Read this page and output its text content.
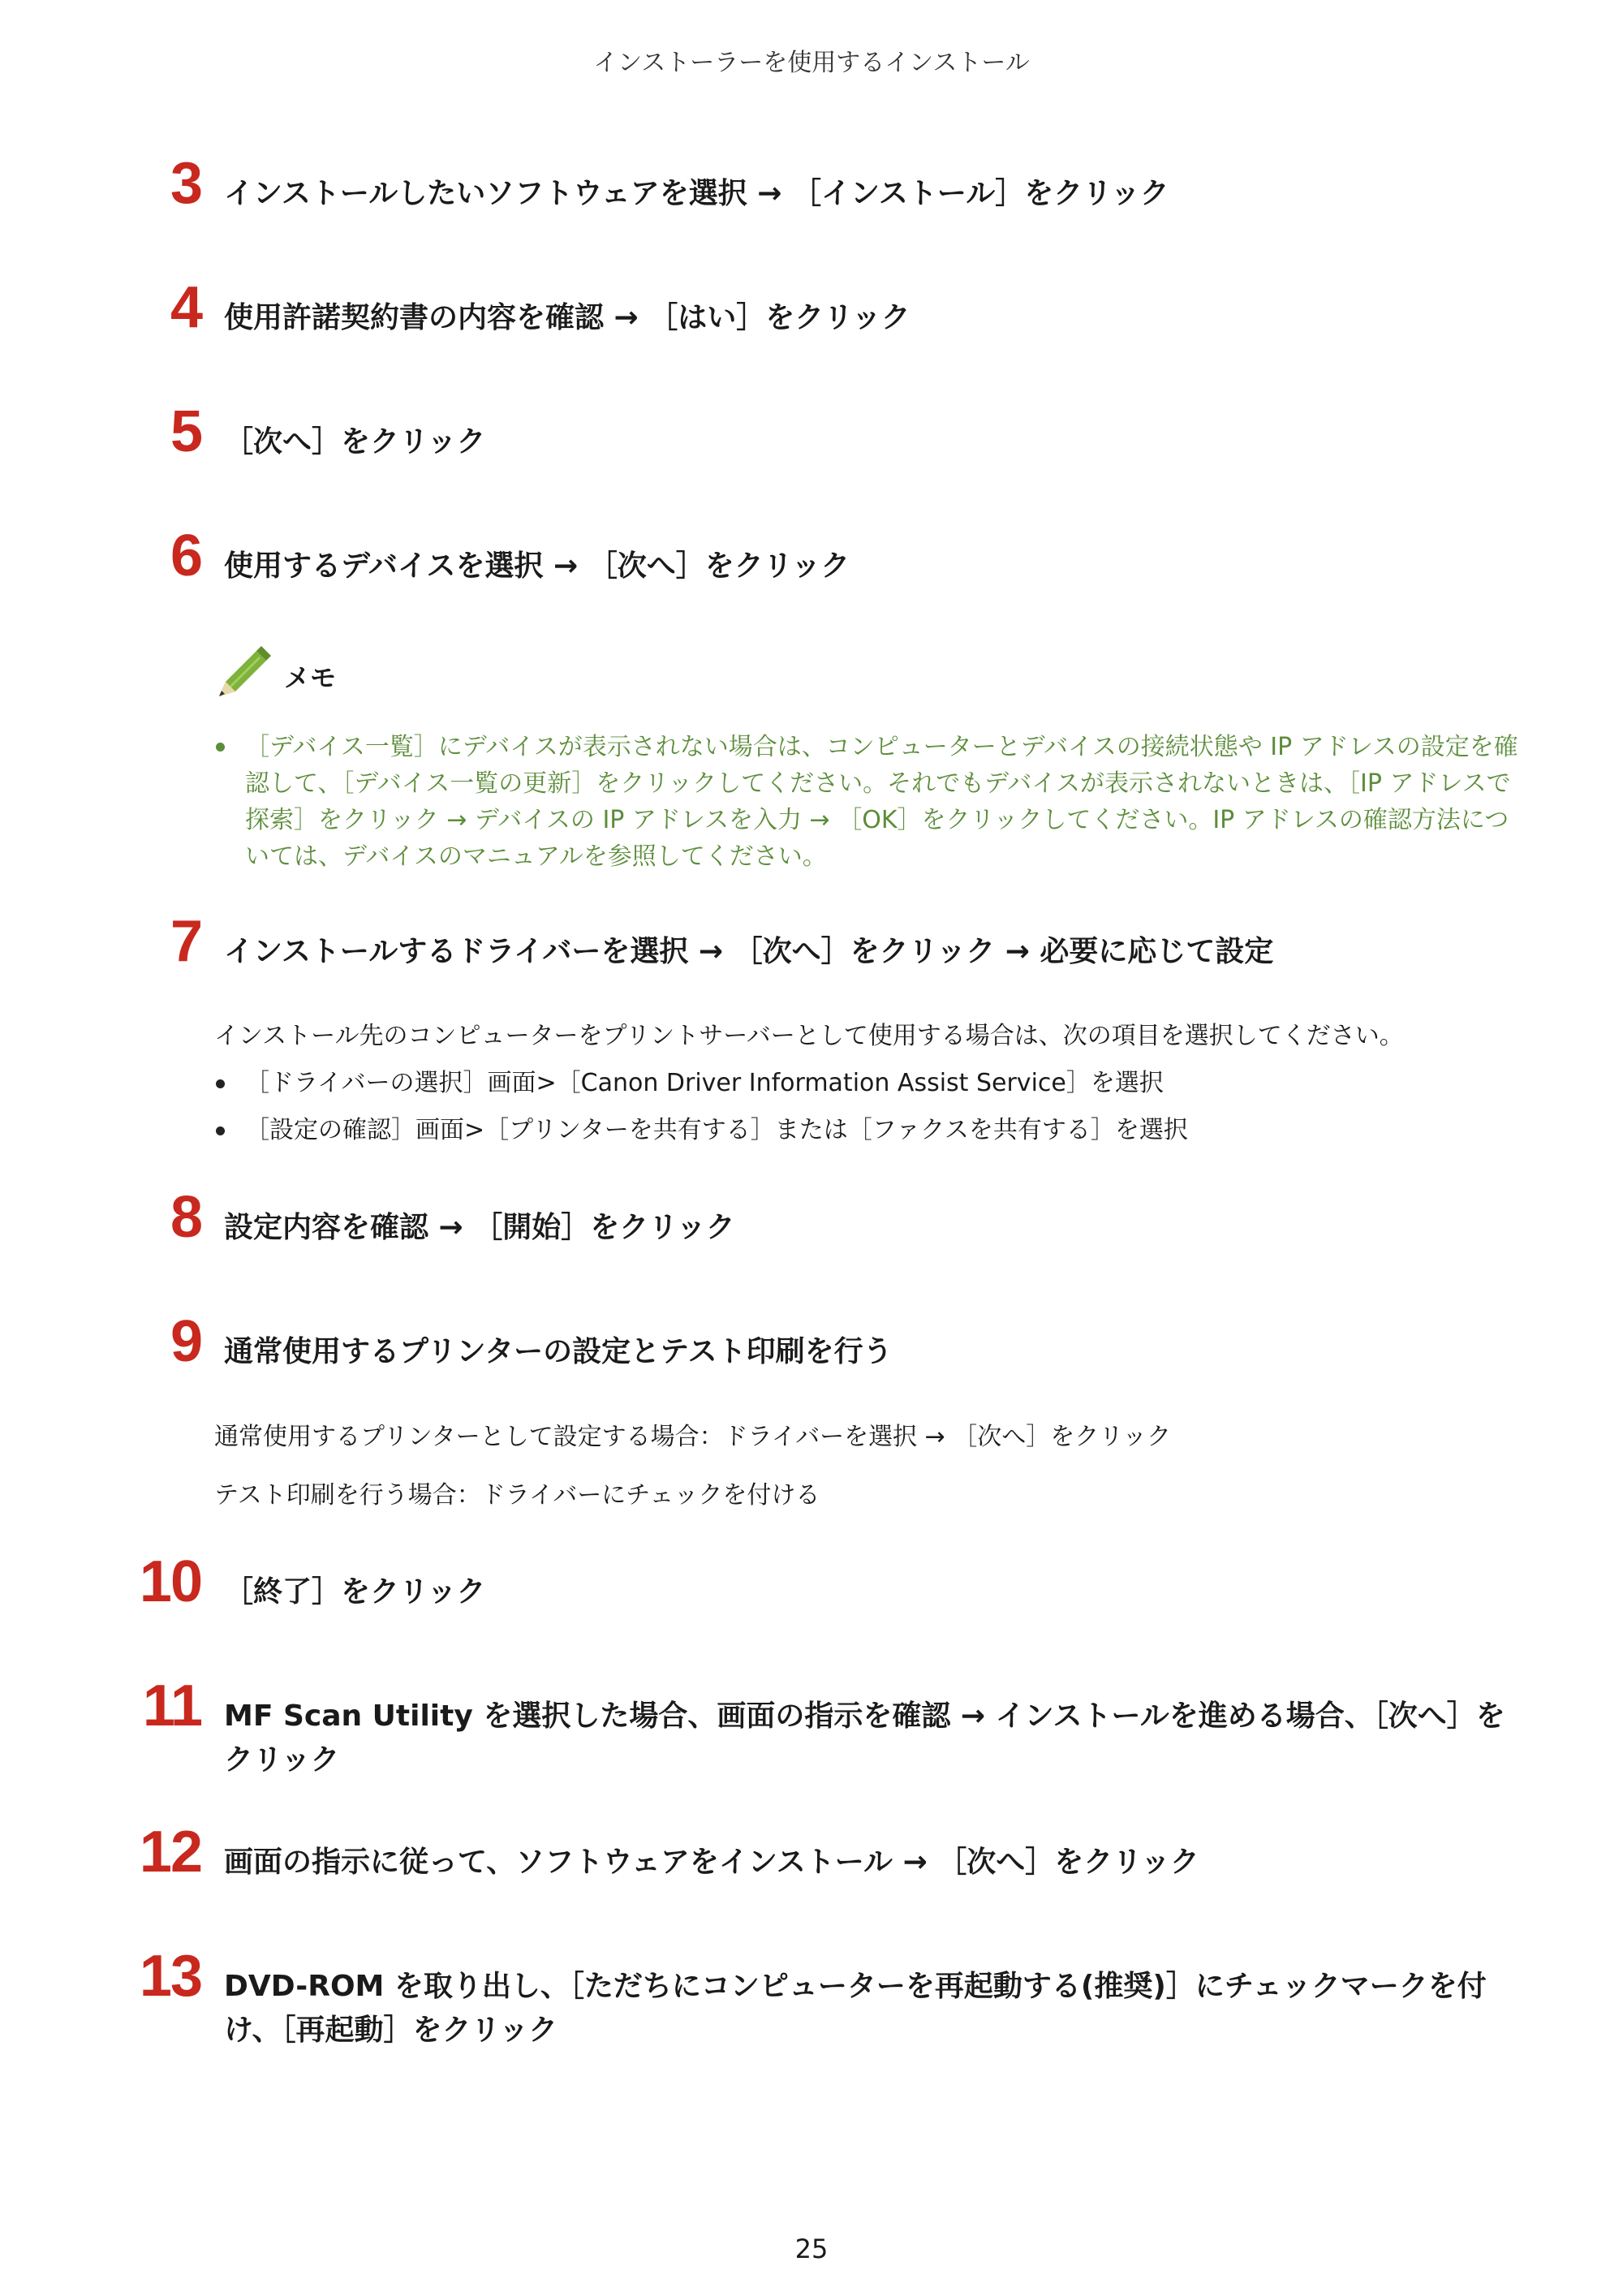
インストーラーを使用するインストール
3 インストールしたいソフトウェアを選択 → ［インストール］をクリック
4 使用許諾契約書の内容を確認 → ［はい］をクリック
5 ［次へ］をクリック
6 使用するデバイスを選択 → ［次へ］をクリック
メモ
［デバイス一覧］にデバイスが表示されない場合は、コンピューターとデバイスの接続状態や IP アドレスの設定を確認して、［デバイス一覧の更新］をクリックしてください。それでもデバイスが表示されないときは、［IP アドレスで探索］をクリック → デバイスの IP アドレスを入力 → ［OK］をクリックしてください。IP アドレスの確認方法については、デバイスのマニュアルを参照してください。
7 インストールするドライバーを選択 → ［次へ］をクリック → 必要に応じて設定
インストール先のコンピューターをプリントサーバーとして使用する場合は、次の項目を選択してください。
［ドライバーの選択］画面>［Canon Driver Information Assist Service］を選択
［設定の確認］画面>［プリンターを共有する］または［ファクスを共有する］を選択
8 設定内容を確認 → ［開始］をクリック
9 通常使用するプリンターの設定とテスト印刷を行う
通常使用するプリンターとして設定する場合：ドライバーを選択 → ［次へ］をクリック
テスト印刷を行う場合：ドライバーにチェックを付ける
10 ［終了］をクリック
11 MF Scan Utility を選択した場合、画面の指示を確認 → インストールを進める場合、［次へ］をクリック
12 画面の指示に従って、ソフトウェアをインストール → ［次へ］をクリック
13 DVD-ROM を取り出し、［ただちにコンピューターを再起動する(推奨)］にチェックマークを付け、［再起動］をクリック
25
